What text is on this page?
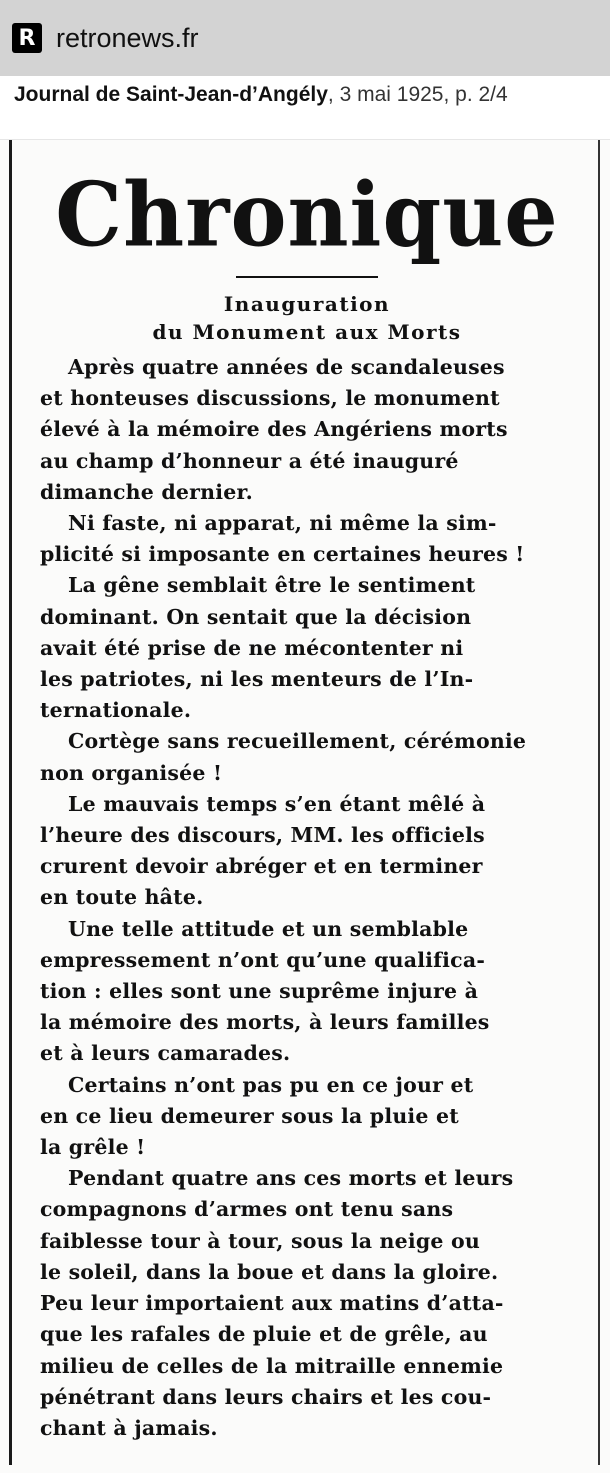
R retronews.fr
Journal de Saint-Jean-d’Angély, 3 mai 1925, p. 2/4
Chronique
Inauguration
du Monument aux Morts

Après quatre années de scandaleuses
et honteuses discussions, le monument
élevé à la mémoire des Angériens morts
au champ d’honneur a été inauguré
dimanche dernier.

Ni faste, ni apparat, ni même la sim-
plicité si imposante en certaines heures !

La gêne semblait être le sentiment
dominant. On sentait que la décision
avait été prise de ne mécontenter ni
les patriotes, ni les menteurs de l’In-
ternationale.

Cortège sans recueillement, cérémonie
non organisée !

Le mauvais temps s’en étant mêlé à
l’heure des discours, MM. les officiels
crurent devoir abréger et en terminer
en toute hâte.

Une telle attitude et un semblable
empressement n’ont qu’une qualifica-
tion : elles sont une suprême injure à
la mémoire des morts, à leurs familles
et à leurs camarades.

Certains n’ont pas pu en ce jour et
en ce lieu demeurer sous la pluie et
la grêle !

Pendant quatre ans ces morts et leurs
compagnons d’armes ont tenu sans
faiblesse tour à tour, sous la neige ou
le soleil, dans la boue et dans la gloire.
Peu leur importaient aux matins d’atta-
que les rafales de pluie et de grêle, au
milieu de celles de la mitraille ennemie
pénétrant dans leurs chairs et les cou-
chant à jamais.
